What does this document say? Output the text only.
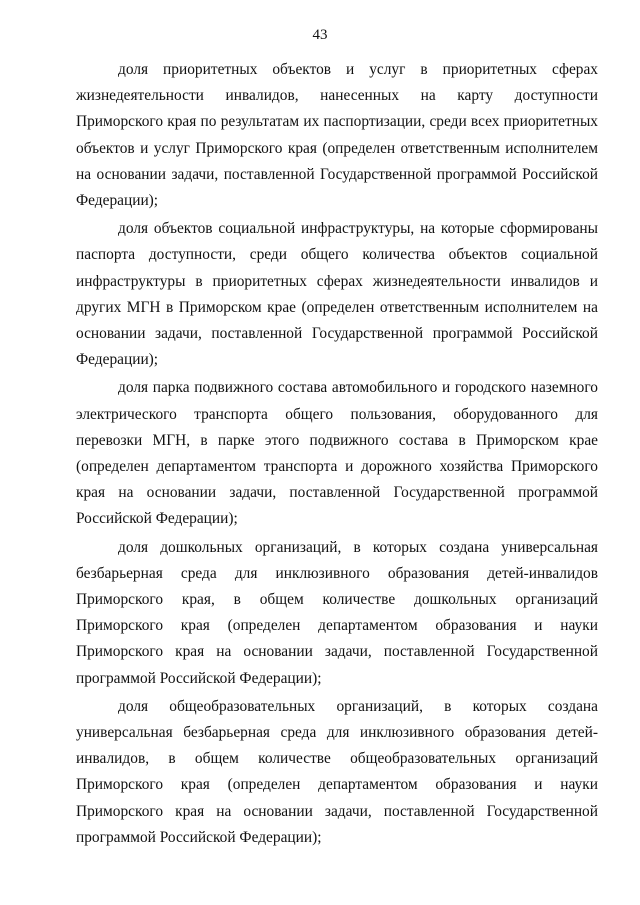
43

доля приоритетных объектов и услуг в приоритетных сферах жизнедеятельности инвалидов, нанесенных на карту доступности Приморского края по результатам их паспортизации, среди всех приоритетных объектов и услуг Приморского края (определен ответственным исполнителем на основании задачи, поставленной Государственной программой Российской Федерации);

доля объектов социальной инфраструктуры, на которые сформированы паспорта доступности, среди общего количества объектов социальной инфраструктуры в приоритетных сферах жизнедеятельности инвалидов и других МГН в Приморском крае (определен ответственным исполнителем на основании задачи, поставленной Государственной программой Российской Федерации);

доля парка подвижного состава автомобильного и городского наземного электрического транспорта общего пользования, оборудованного для перевозки МГН, в парке этого подвижного состава в Приморском крае (определен департаментом транспорта и дорожного хозяйства Приморского края на основании задачи, поставленной Государственной программой Российской Федерации);

доля дошкольных организаций, в которых создана универсальная безбарьерная среда для инклюзивного образования детей-инвалидов Приморского края, в общем количестве дошкольных организаций Приморского края (определен департаментом образования и науки Приморского края на основании задачи, поставленной Государственной программой Российской Федерации);

доля общеобразовательных организаций, в которых создана универсальная безбарьерная среда для инклюзивного образования детей-инвалидов, в общем количестве общеобразовательных организаций Приморского края (определен департаментом образования и науки Приморского края на основании задачи, поставленной Государственной программой Российской Федерации);
